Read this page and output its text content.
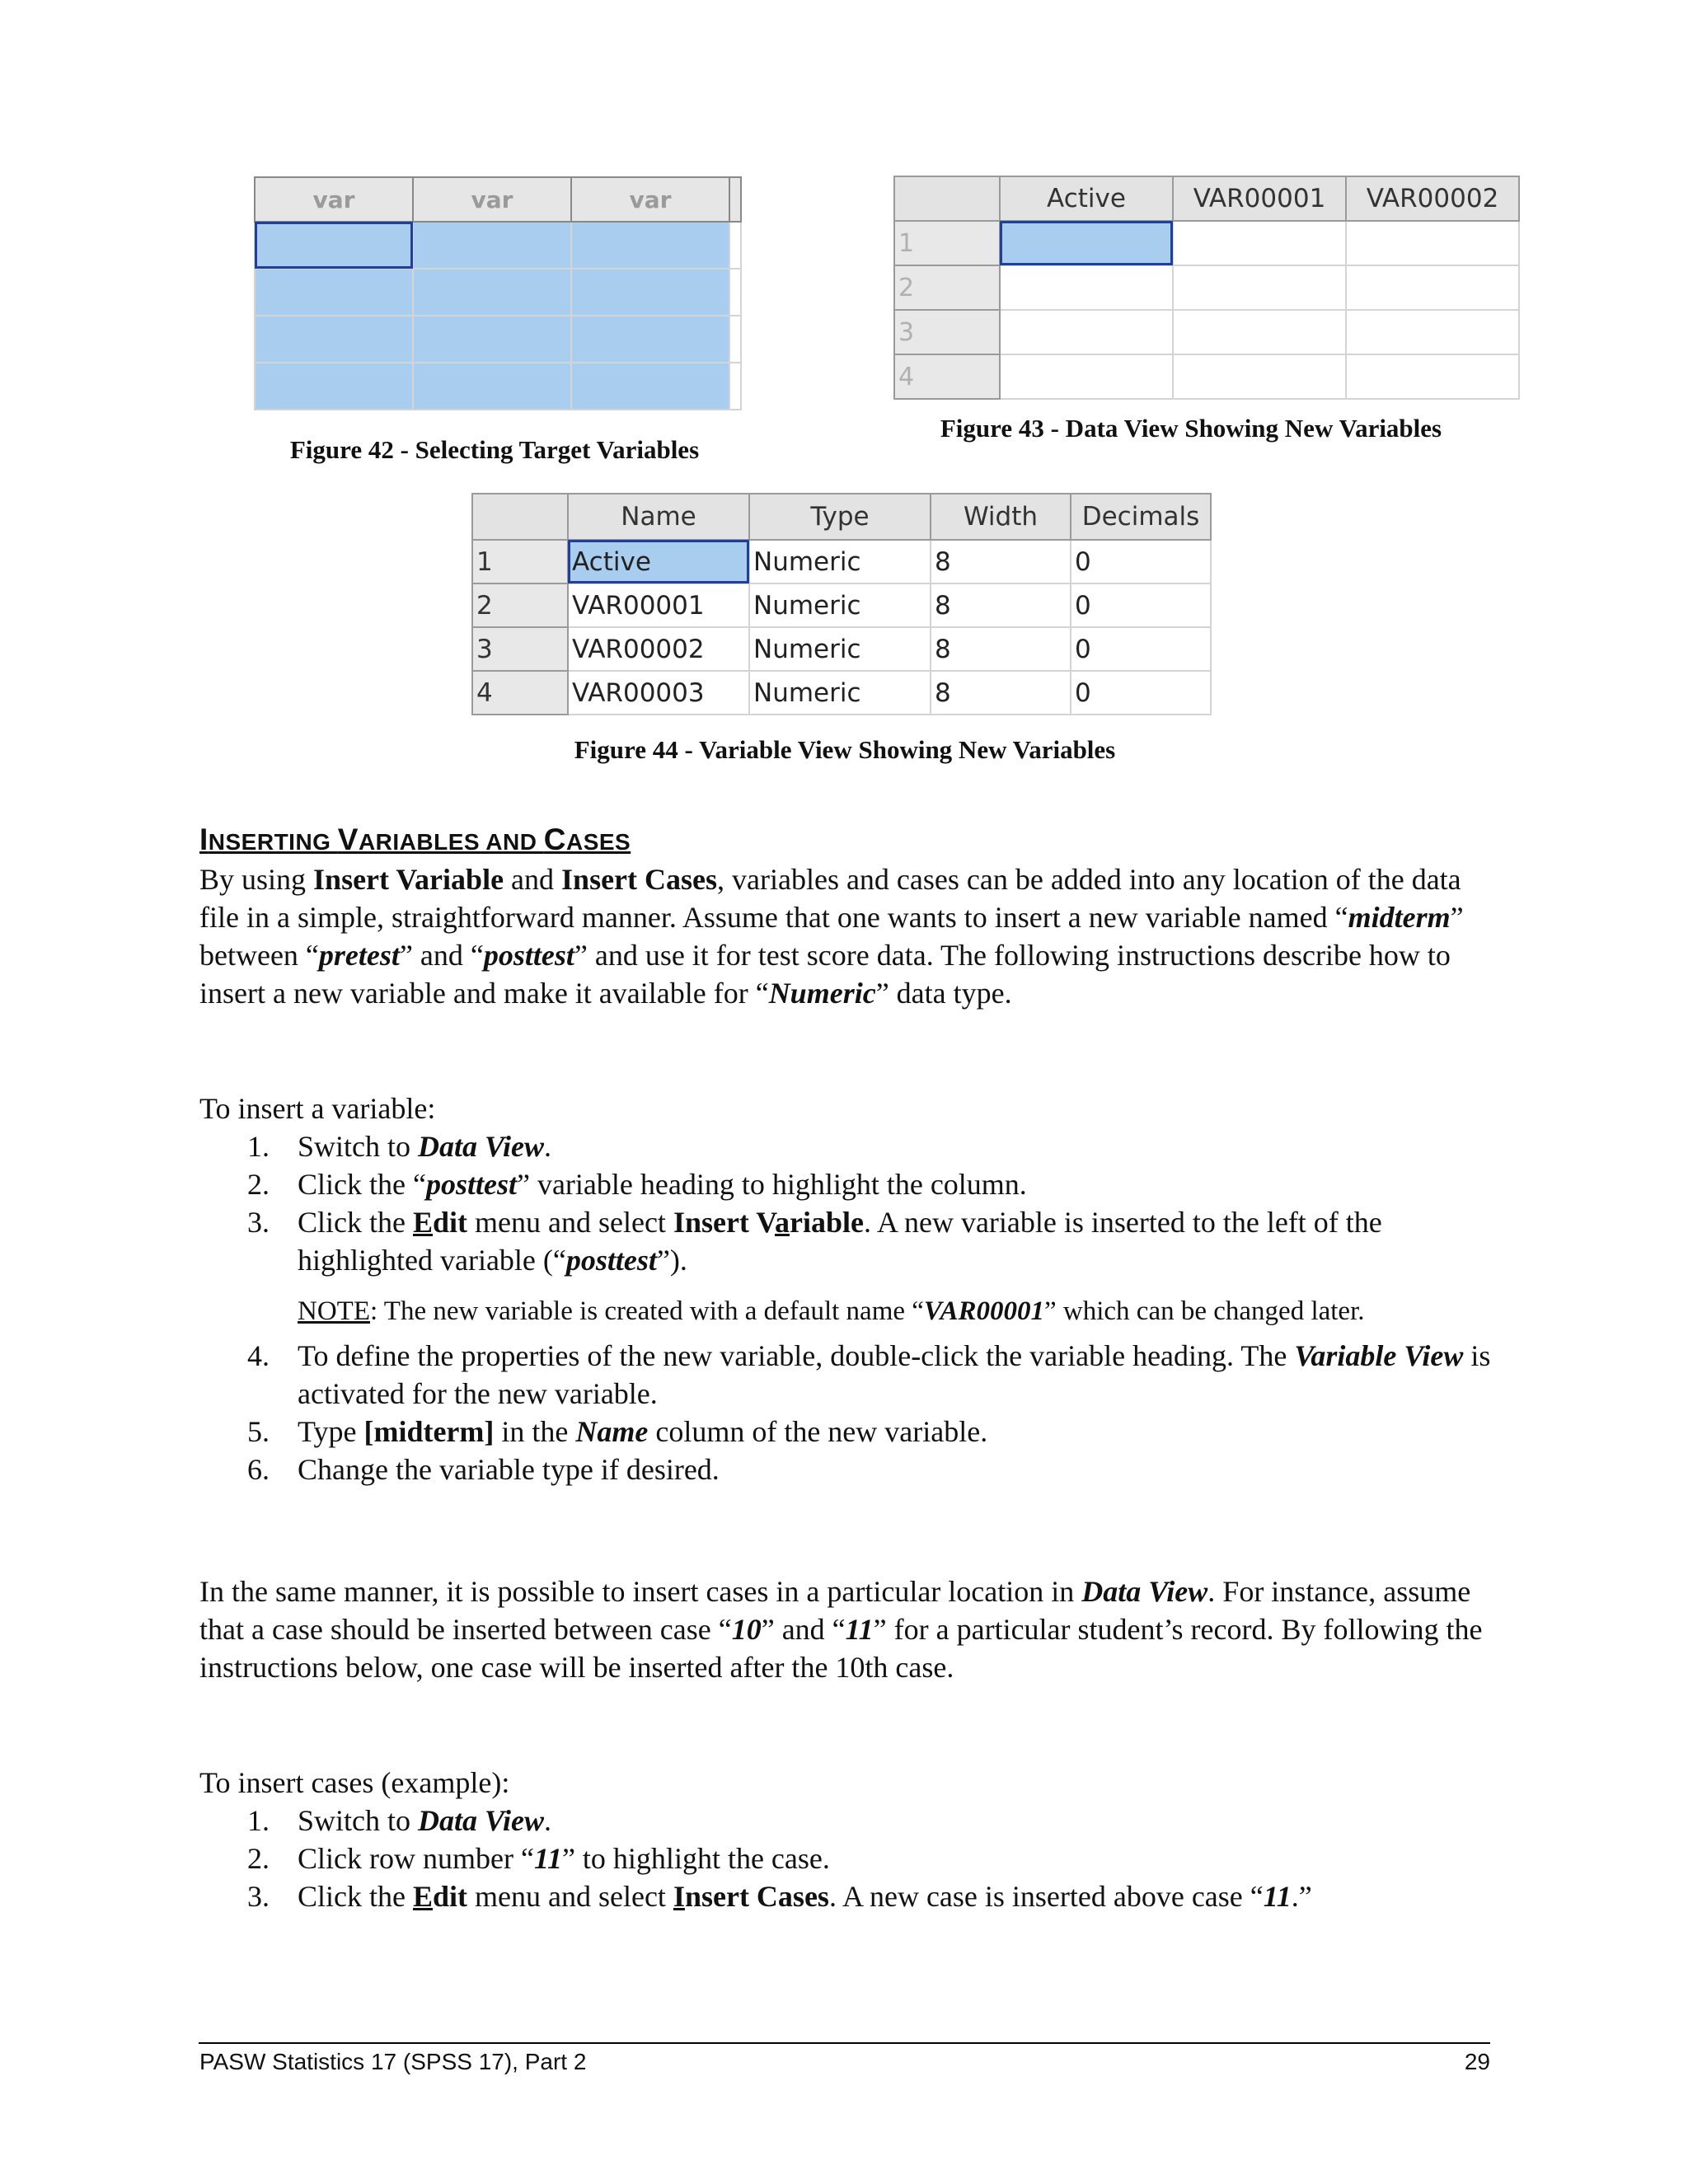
var	var	var	

Figure 42 - Selecting Target Variables
	Active	VAR00001	VAR00002
1			
2			
3			
4			
Figure 43 - Data View Showing New Variables
	Name	Type	Width	Decimals
1	Active	Numeric	8	0
2	VAR00001	Numeric	8	0
3	VAR00002	Numeric	8	0
4	VAR00003	Numeric	8	0
Figure 44 - Variable View Showing New Variables
INSERTING VARIABLES AND CASES
By using Insert Variable and Insert Cases, variables and cases can be added into any location of the data file in a simple, straightforward manner. Assume that one wants to insert a new variable named “midterm” between “pretest” and “posttest” and use it for test score data. The following instructions describe how to insert a new variable and make it available for “Numeric” data type.
To insert a variable:
1. Switch to Data View.
2. Click the “posttest” variable heading to highlight the column.
3. Click the Edit menu and select Insert Variable. A new variable is inserted to the left of the highlighted variable (“posttest”).
NOTE: The new variable is created with a default name “VAR00001” which can be changed later.
4. To define the properties of the new variable, double-click the variable heading. The Variable View is activated for the new variable.
5. Type [midterm] in the Name column of the new variable.
6. Change the variable type if desired.
In the same manner, it is possible to insert cases in a particular location in Data View. For instance, assume that a case should be inserted between case “10” and “11” for a particular student’s record. By following the instructions below, one case will be inserted after the 10th case.
To insert cases (example):
1. Switch to Data View.
2. Click row number “11” to highlight the case.
3. Click the Edit menu and select Insert Cases. A new case is inserted above case “11.”
PASW Statistics 17 (SPSS 17), Part 2	29
